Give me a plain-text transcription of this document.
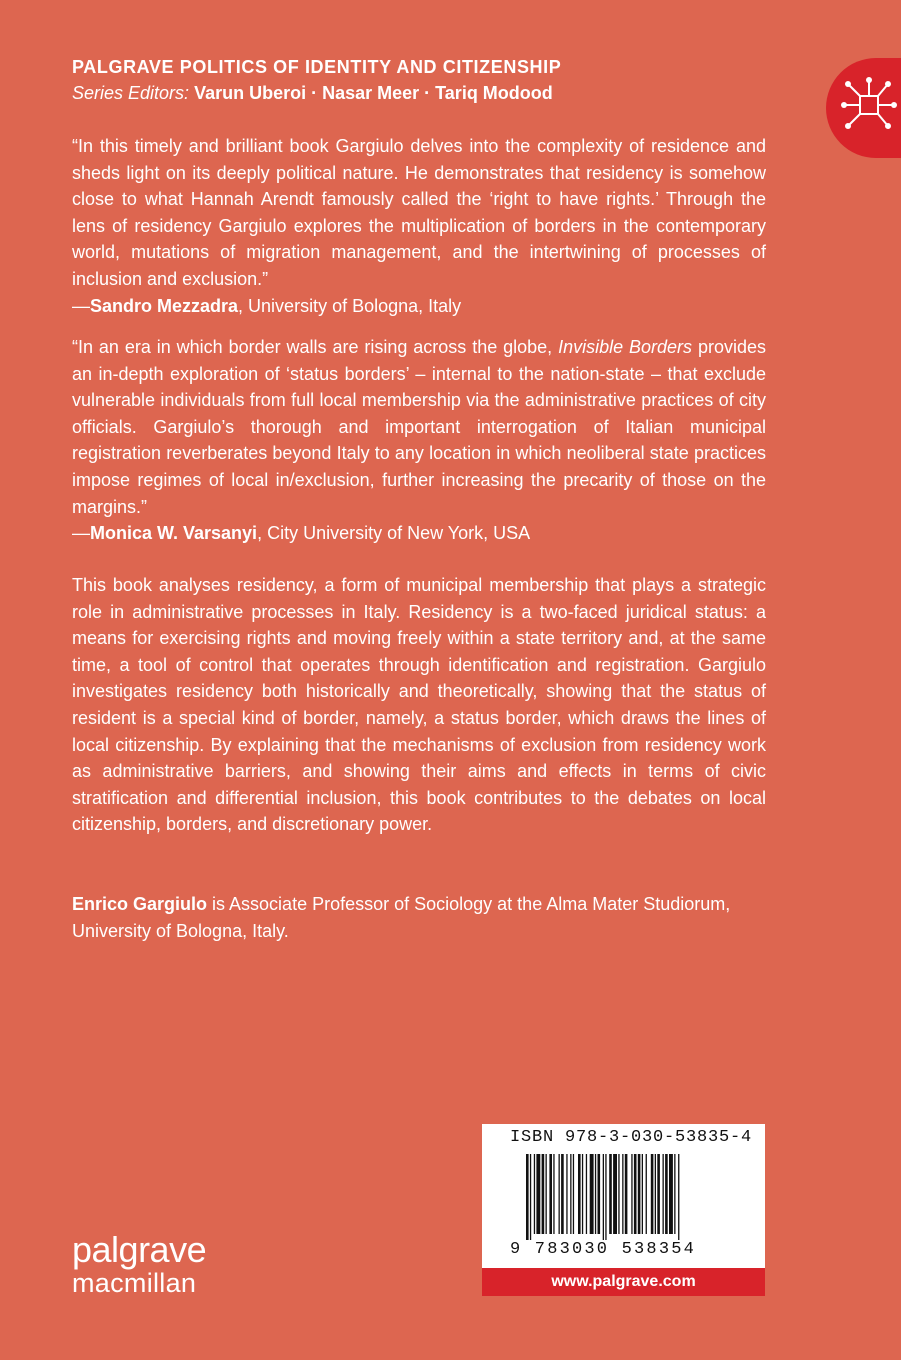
PALGRAVE POLITICS OF IDENTITY AND CITIZENSHIP
Series Editors: Varun Uberoi · Nasar Meer · Tariq Modood
“In this timely and brilliant book Gargiulo delves into the complexity of residence and sheds light on its deeply political nature. He demonstrates that residency is somehow close to what Hannah Arendt famously called the ‘right to have rights.’ Through the lens of residency Gargiulo explores the multiplication of borders in the contemporary world, mutations of migration management, and the intertwining of processes of inclusion and exclusion.”
—Sandro Mezzadra, University of Bologna, Italy
“In an era in which border walls are rising across the globe, Invisible Borders provides an in-depth exploration of ‘status borders’ – internal to the nation-state – that exclude vulnerable individuals from full local membership via the administrative practices of city officials. Gargiulo’s thorough and important interrogation of Italian municipal registration reverberates beyond Italy to any location in which neoliberal state practices impose regimes of local in/exclusion, further increasing the precarity of those on the margins.”
—Monica W. Varsanyi, City University of New York, USA
This book analyses residency, a form of municipal membership that plays a strategic role in administrative processes in Italy. Residency is a two-faced juridical status: a means for exercising rights and moving freely within a state territory and, at the same time, a tool of control that operates through identification and registration. Gargiulo investigates residency both historically and theoretically, showing that the status of resident is a special kind of border, namely, a status border, which draws the lines of local citizenship. By explaining that the mechanisms of exclusion from residency work as administrative barriers, and showing their aims and effects in terms of civic stratification and differential inclusion, this book contributes to the debates on local citizenship, borders, and discretionary power.
Enrico Gargiulo is Associate Professor of Sociology at the Alma Mater Studiorum, University of Bologna, Italy.
palgrave
macmillan
ISBN 978-3-030-53835-4
9 783030 538354
www.palgrave.com
